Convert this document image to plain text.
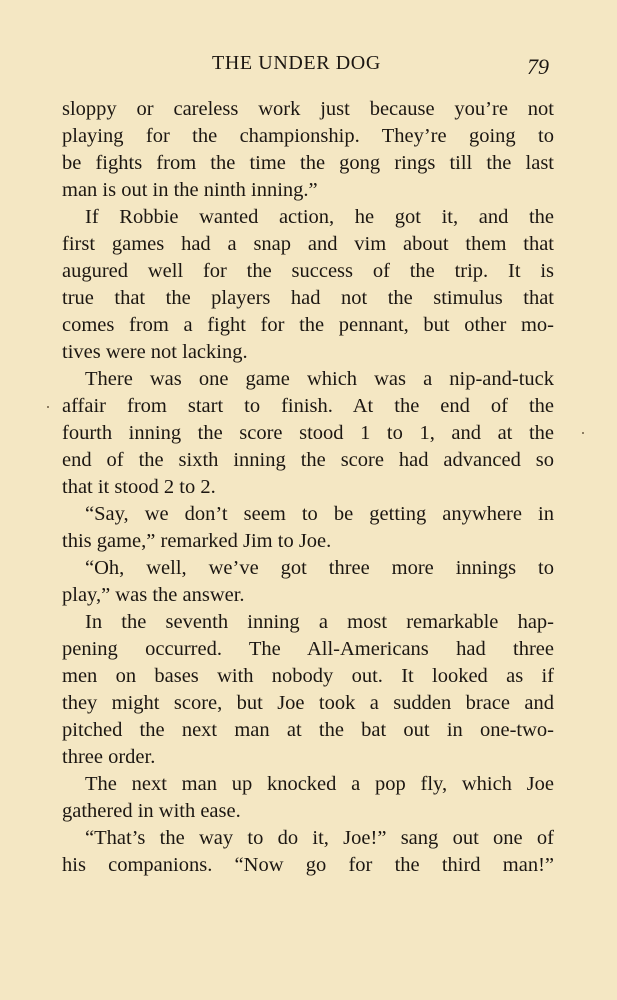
THE UNDER DOG	79
sloppy or careless work just because you’re not
playing for the championship. They’re going to
be fights from the time the gong rings till the last
man is out in the ninth inning.”
If Robbie wanted action, he got it, and the
first games had a snap and vim about them that
augured well for the success of the trip. It is
true that the players had not the stimulus that
comes from a fight for the pennant, but other mo-
tives were not lacking.
There was one game which was a nip-and-tuck
affair from start to finish. At the end of the
fourth inning the score stood 1 to 1, and at the
end of the sixth inning the score had advanced so
that it stood 2 to 2.
“Say, we don’t seem to be getting anywhere in
this game,” remarked Jim to Joe.
“Oh, well, we’ve got three more innings to
play,” was the answer.
In the seventh inning a most remarkable hap-
pening occurred. The All-Americans had three
men on bases with nobody out. It looked as if
they might score, but Joe took a sudden brace and
pitched the next man at the bat out in one-two-
three order.
The next man up knocked a pop fly, which Joe
gathered in with ease.
“That’s the way to do it, Joe!” sang out one of
his companions. “Now go for the third man!”
